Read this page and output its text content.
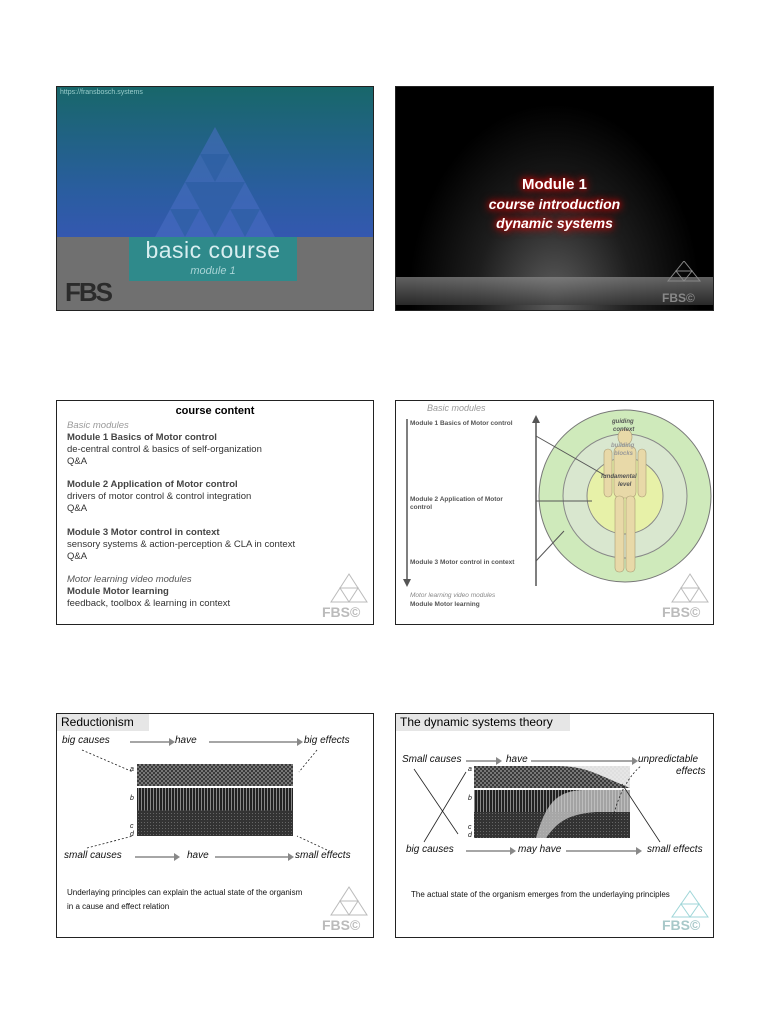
https://fransbosch.systems
basic course
module 1
FBS
Module 1
course introduction
dynamic systems
FBS©
course content
Basic modules
Module 1 Basics of Motor control
de-central control & basics of self-organization
Q&A
Module 2 Application of Motor control
drivers of motor control & control integration
Q&A
Module 3 Motor control in context
sensory systems & action-perception & CLA in context
Q&A
Motor learning video modules
Module Motor learning
feedback, toolbox & learning in context
FBS©
Basic modules
Module 1 Basics of Motor control
Module 2 Application of Motor
control
Module 3 Motor control in context
Motor learning video modules
Module Motor learning
guiding
context
building
blocks
fundamental
level
FBS©
Reductionism
big causes	have	big effects
a
b
c
d
small causes	have	small effects
Underlaying principles can explain the actual state of the organism
in a cause and effect relation
FBS©
The dynamic systems theory
Small causes	have	unpredictable
effects
a
b
c
d
big causes	may have	small effects
The actual state of the organism emerges from the underlaying principles
FBS©
